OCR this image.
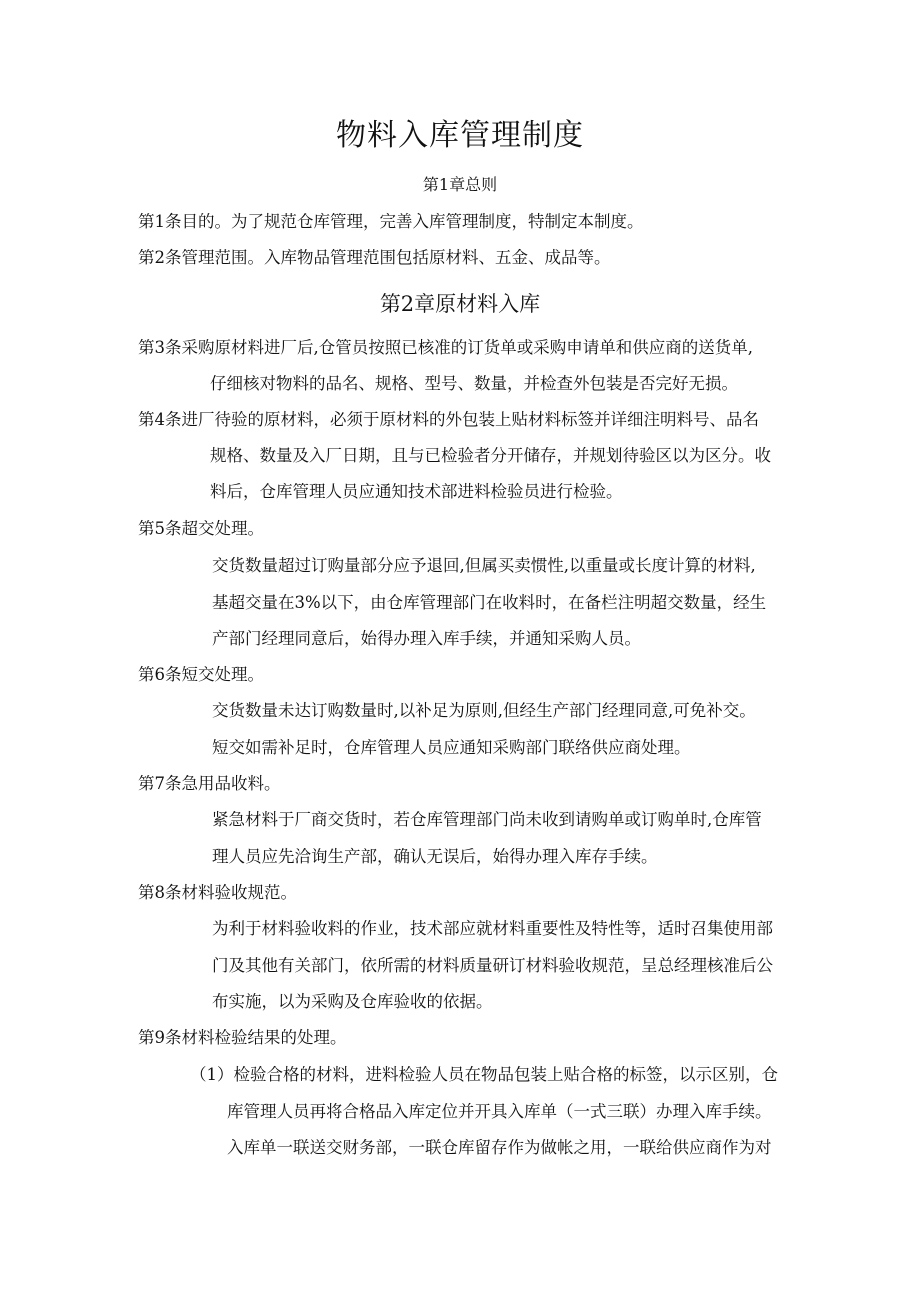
物料入库管理制度
第1章总则
第1条目的。为了规范仓库管理，完善入库管理制度，特制定本制度。
第2条管理范围。入库物品管理范围包括原材料、五金、成品等。
第2章原材料入库
第3条采购原材料进厂后,仓管员按照已核准的订货单或采购申请单和供应商的送货单,
仔细核对物料的品名、规格、型号、数量，并检查外包装是否完好无损。
第4条进厂待验的原材料，必须于原材料的外包装上贴材料标签并详细注明料号、品名
规格、数量及入厂日期，且与已检验者分开储存，并规划待验区以为区分。收
料后，仓库管理人员应通知技术部进料检验员进行检验。
第5条超交处理。
交货数量超过订购量部分应予退回,但属买卖惯性,以重量或长度计算的材料,
基超交量在3%以下，由仓库管理部门在收料时，在备栏注明超交数量，经生
产部门经理同意后，始得办理入库手续，并通知采购人员。
第6条短交处理。
交货数量未达订购数量时,以补足为原则,但经生产部门经理同意,可免补交。
短交如需补足时，仓库管理人员应通知采购部门联络供应商处理。
第7条急用品收料。
紧急材料于厂商交货时，若仓库管理部门尚未收到请购单或订购单时,仓库管
理人员应先洽询生产部，确认无误后，始得办理入库存手续。
第8条材料验收规范。
为利于材料验收料的作业，技术部应就材料重要性及特性等，适时召集使用部
门及其他有关部门，依所需的材料质量研订材料验收规范，呈总经理核准后公
布实施，以为采购及仓库验收的依据。
第9条材料检验结果的处理。
（1）检验合格的材料，进料检验人员在物品包装上贴合格的标签，以示区别，仓
库管理人员再将合格品入库定位并开具入库单（一式三联）办理入库手续。
入库单一联送交财务部，一联仓库留存作为做帐之用，一联给供应商作为对
